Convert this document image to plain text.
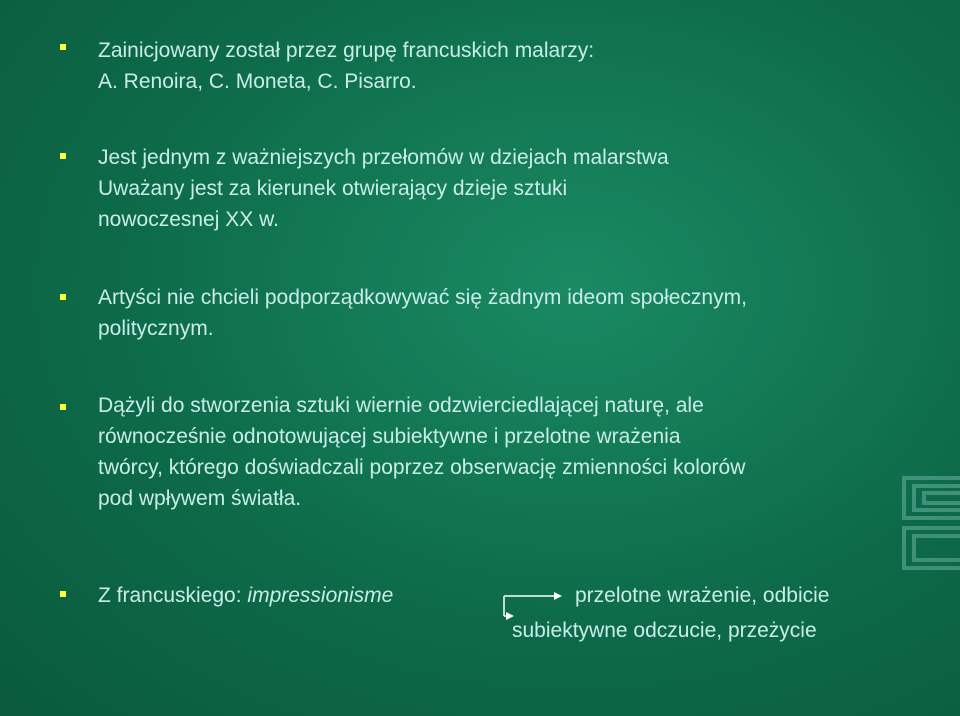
Zainicjowany został przez grupę francuskich malarzy:
A. Renoira, C. Moneta, C. Pisarro.
Jest jednym z ważniejszych przełomów w dziejach malarstwa
Uważany jest za kierunek otwierający dzieje sztuki
nowoczesnej XX w.
Artyści nie chcieli podporządkowywać się żadnym ideom społecznym,
politycznym.
Dążyli do stworzenia sztuki wiernie odzwierciedlającej naturę, ale
równocześnie odnotowującej subiektywne i przelotne wrażenia
twórcy, którego doświadczali poprzez obserwację zmienności kolorów
pod wpływem światła.
Z francuskiego: impressionisme	przelotne wrażenie, odbicie
subiektywne odczucie, przeżycie
